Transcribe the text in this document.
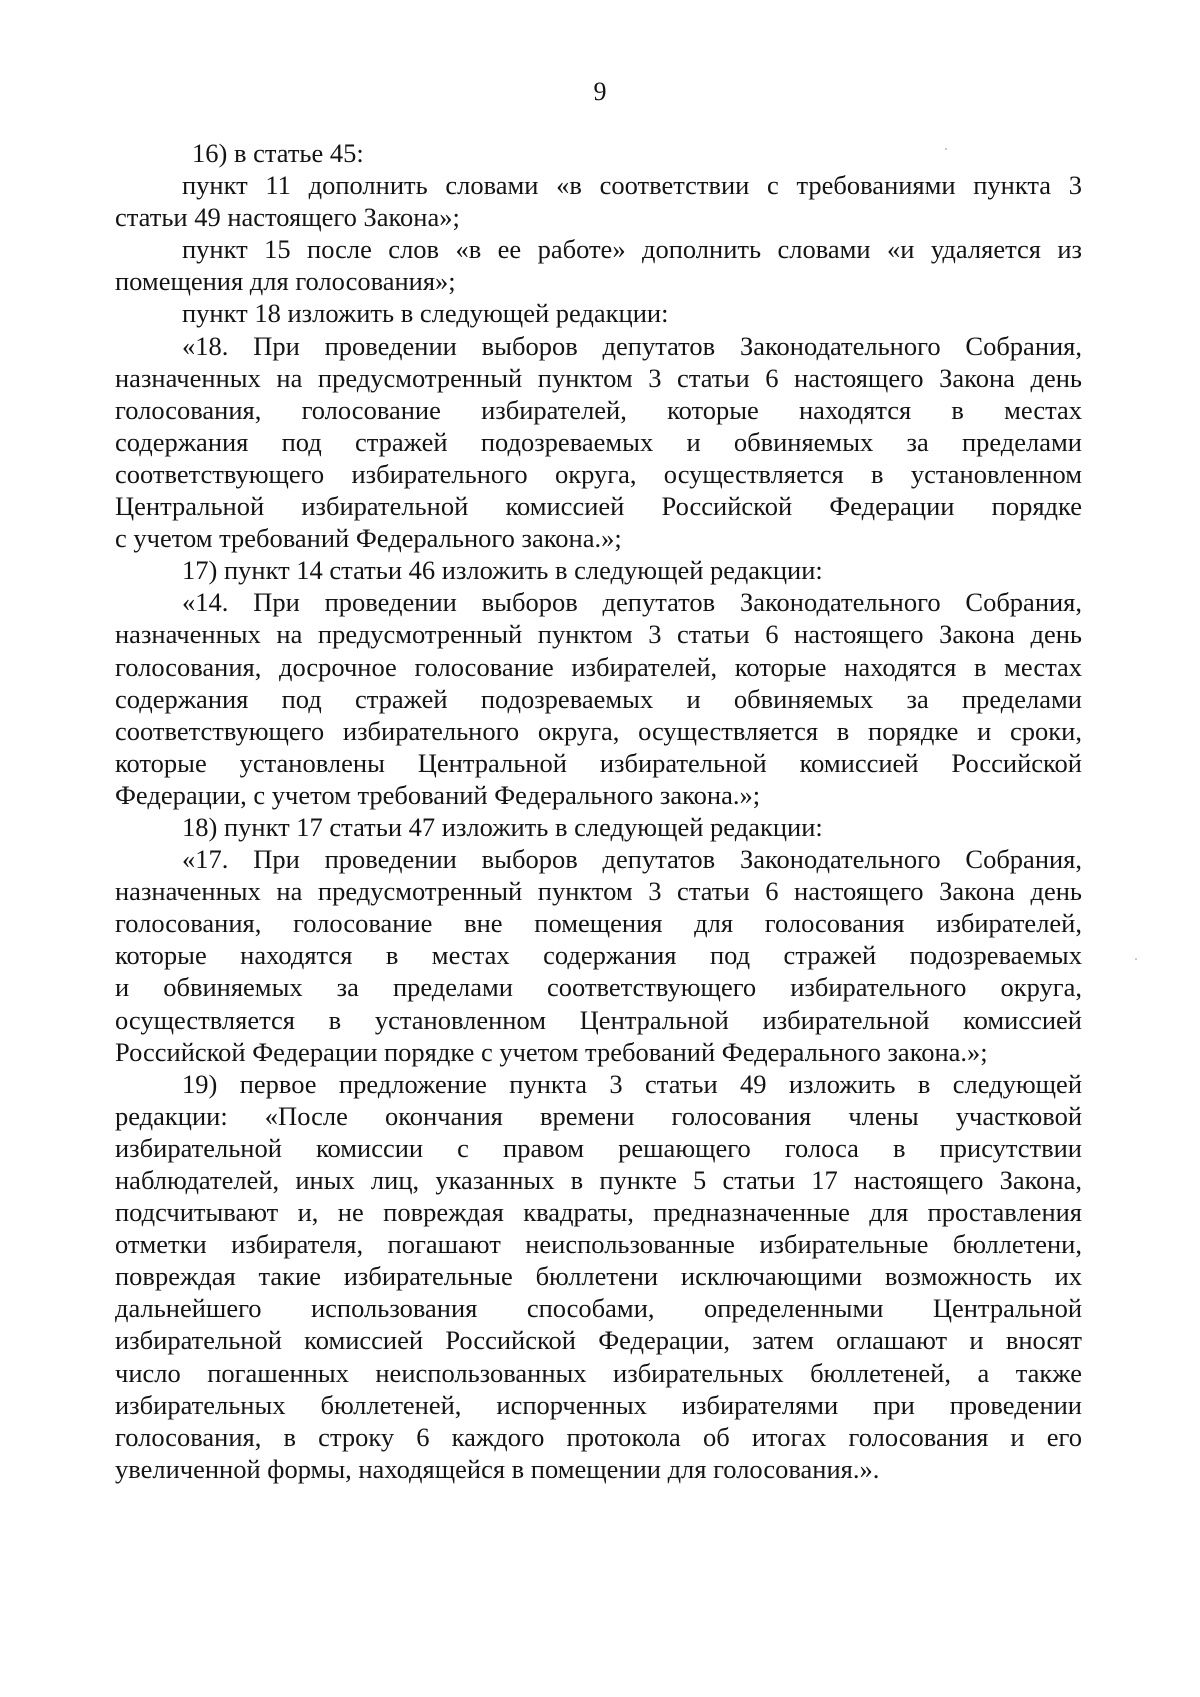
9
16) в статье 45:
пункт 11 дополнить словами «в соответствии с требованиями пункта 3
статьи 49 настоящего Закона»;
пункт 15 после слов «в ее работе» дополнить словами «и удаляется из
помещения для голосования»;
пункт 18 изложить в следующей редакции:
«18. При проведении выборов депутатов Законодательного Собрания,
назначенных на предусмотренный пунктом 3 статьи 6 настоящего Закона день
голосования, голосование избирателей, которые находятся в местах
содержания под стражей подозреваемых и обвиняемых за пределами
соответствующего избирательного округа, осуществляется в установленном
Центральной избирательной комиссией Российской Федерации порядке
с учетом требований Федерального закона.»;
17) пункт 14 статьи 46 изложить в следующей редакции:
«14. При проведении выборов депутатов Законодательного Собрания,
назначенных на предусмотренный пунктом 3 статьи 6 настоящего Закона день
голосования, досрочное голосование избирателей, которые находятся в местах
содержания под стражей подозреваемых и обвиняемых за пределами
соответствующего избирательного округа, осуществляется в порядке и сроки,
которые установлены Центральной избирательной комиссией Российской
Федерации, с учетом требований Федерального закона.»;
18) пункт 17 статьи 47 изложить в следующей редакции:
«17. При проведении выборов депутатов Законодательного Собрания,
назначенных на предусмотренный пунктом 3 статьи 6 настоящего Закона день
голосования, голосование вне помещения для голосования избирателей,
которые находятся в местах содержания под стражей подозреваемых
и обвиняемых за пределами соответствующего избирательного округа,
осуществляется в установленном Центральной избирательной комиссией
Российской Федерации порядке с учетом требований Федерального закона.»;
19) первое предложение пункта 3 статьи 49 изложить в следующей
редакции: «После окончания времени голосования члены участковой
избирательной комиссии с правом решающего голоса в присутствии
наблюдателей, иных лиц, указанных в пункте 5 статьи 17 настоящего Закона,
подсчитывают и, не повреждая квадраты, предназначенные для проставления
отметки избирателя, погашают неиспользованные избирательные бюллетени,
повреждая такие избирательные бюллетени исключающими возможность их
дальнейшего использования способами, определенными Центральной
избирательной комиссией Российской Федерации, затем оглашают и вносят
число погашенных неиспользованных избирательных бюллетеней, а также
избирательных бюллетеней, испорченных избирателями при проведении
голосования, в строку 6 каждого протокола об итогах голосования и его
увеличенной формы, находящейся в помещении для голосования.».
